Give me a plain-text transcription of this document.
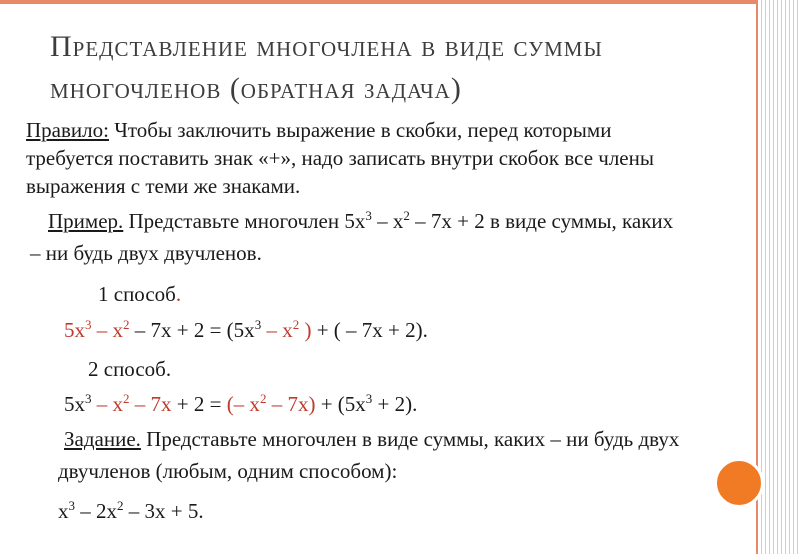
Представление многочлена в виде суммы
многочленов (обратная задача)
Правило: Чтобы заключить выражение в скобки, перед которыми
требуется поставить знак «+», надо записать внутри скобок все члены
выражения с теми же знаками.
Пример. Представьте многочлен $5х^3 - х^2 - 7х + 2$ в виде суммы, каких
– ни будь двух двучленов.
1 способ.
$5х^3 - х^2 - 7х + 2 = (5х^3 - х^2$ ) + ( – 7х + 2).
2 способ.
$5х^3 - х^2 - 7х + 2$ = (– $х^2 - 7х) + (5х^3 + 2)$.
Задание. Представьте многочлен в виде суммы, каких – ни будь двух
двучленов (любым, одним способом):
$х^3 - 2х^2 - 3х + 5$.
